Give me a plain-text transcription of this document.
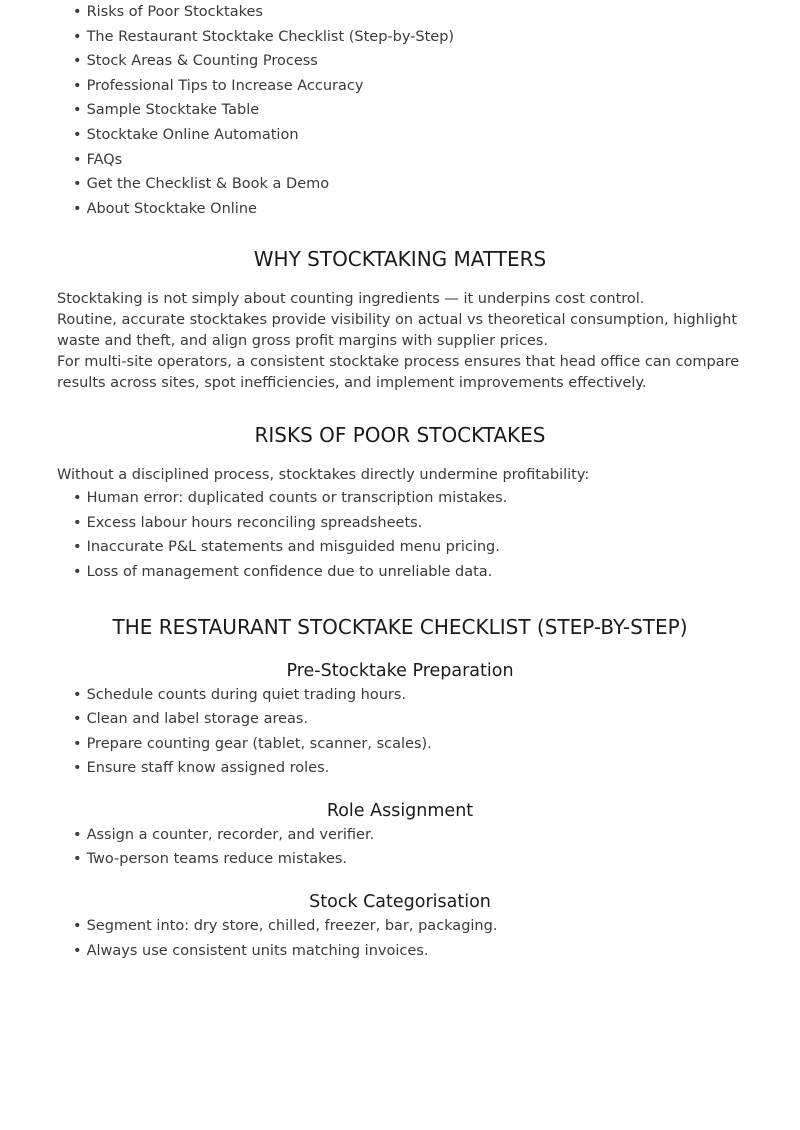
• Risks of Poor Stocktakes
• The Restaurant Stocktake Checklist (Step-by-Step)
• Stock Areas & Counting Process
• Professional Tips to Increase Accuracy
• Sample Stocktake Table
• Stocktake Online Automation
• FAQs
• Get the Checklist & Book a Demo
• About Stocktake Online
WHY STOCKTAKING MATTERS

Stocktaking is not simply about counting ingredients — it underpins cost control.

Routine, accurate stocktakes provide visibility on actual vs theoretical consumption, highlight waste and theft, and align gross profit margins with supplier prices.

For multi-site operators, a consistent stocktake process ensures that head office can compare results across sites, spot inefficiencies, and implement improvements effectively.

RISKS OF POOR STOCKTAKES

Without a disciplined process, stocktakes directly undermine profitability:

• Human error: duplicated counts or transcription mistakes.
• Excess labour hours reconciling spreadsheets.
• Inaccurate P&L statements and misguided menu pricing.
• Loss of management confidence due to unreliable data.
THE RESTAURANT STOCKTAKE CHECKLIST (STEP-BY-STEP)
Pre-Stocktake Preparation
• Schedule counts during quiet trading hours.
• Clean and label storage areas.
• Prepare counting gear (tablet, scanner, scales).
• Ensure staff know assigned roles.
Role Assignment
• Assign a counter, recorder, and verifier.
• Two-person teams reduce mistakes.
Stock Categorisation
• Segment into: dry store, chilled, freezer, bar, packaging.
• Always use consistent units matching invoices.
